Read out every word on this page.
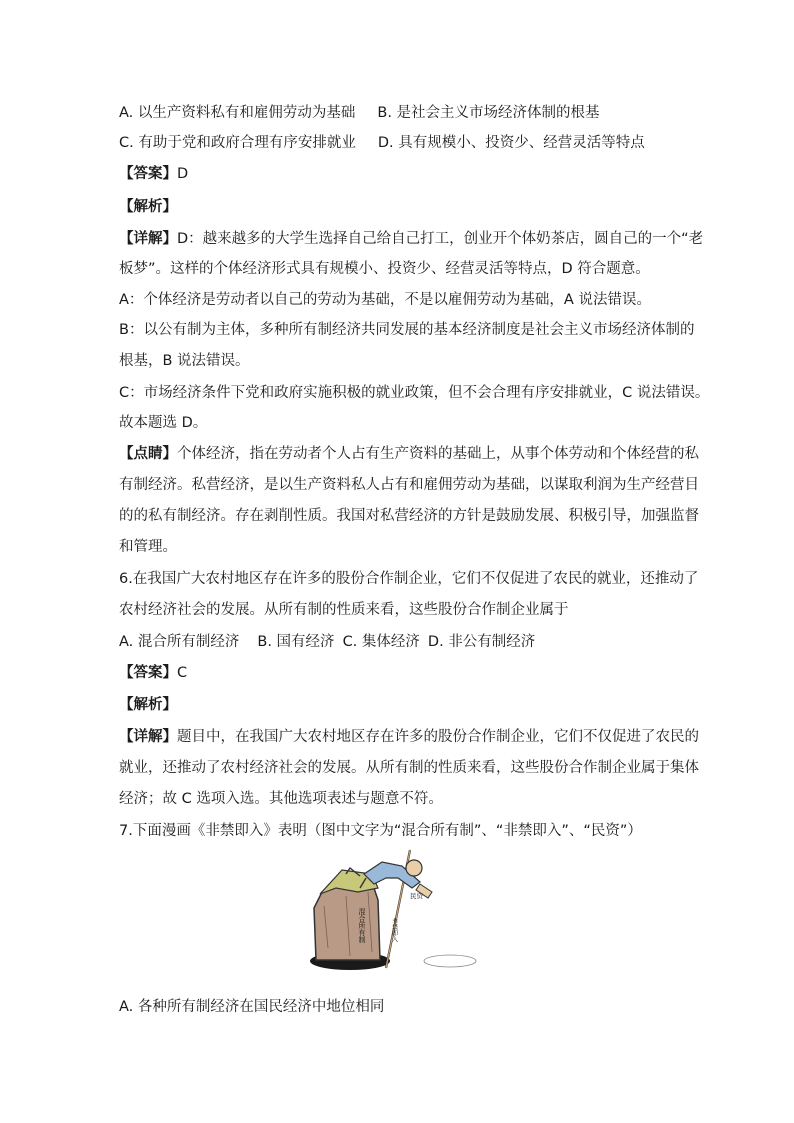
A. 以生产资料私有和雇佣劳动为基础 B. 是社会主义市场经济体制的根基
C. 有助于党和政府合理有序安排就业 D. 具有规模小、投资少、经营灵活等特点
【答案】D
【解析】
【详解】D：越来越多的大学生选择自己给自己打工，创业开个体奶茶店，圆自己的一个“老
板梦”。这样的个体经济形式具有规模小、投资少、经营灵活等特点，D 符合题意。
A：个体经济是劳动者以自己的劳动为基础，不是以雇佣劳动为基础，A 说法错误。
B：以公有制为主体，多种所有制经济共同发展的基本经济制度是社会主义市场经济体制的
根基，B 说法错误。
C：市场经济条件下党和政府实施积极的就业政策，但不会合理有序安排就业，C 说法错误。
故本题选 D。
【点睛】个体经济，指在劳动者个人占有生产资料的基础上，从事个体劳动和个体经营的私
有制经济。私营经济，是以生产资料私人占有和雇佣劳动为基础，以谋取利润为生产经营目
的的私有制经济。存在剥削性质。我国对私营经济的方针是鼓励发展、积极引导，加强监督
和管理。
6.在我国广大农村地区存在许多的股份合作制企业，它们不仅促进了农民的就业，还推动了
农村经济社会的发展。从所有制的性质来看，这些股份合作制企业属于
A. 混合所有制经济 B. 国有经济 C. 集体经济 D. 非公有制经济
【答案】C
【解析】
【详解】题目中，在我国广大农村地区存在许多的股份合作制企业，它们不仅促进了农民的
就业，还推动了农村经济社会的发展。从所有制的性质来看，这些股份合作制企业属于集体
经济；故 C 选项入选。其他选项表述与题意不符。
7.下面漫画《非禁即入》表明（图中文字为“混合所有制”、“非禁即入”、“民资”）
混合所有制	非禁即入
民资
A. 各种所有制经济在国民经济中地位相同
